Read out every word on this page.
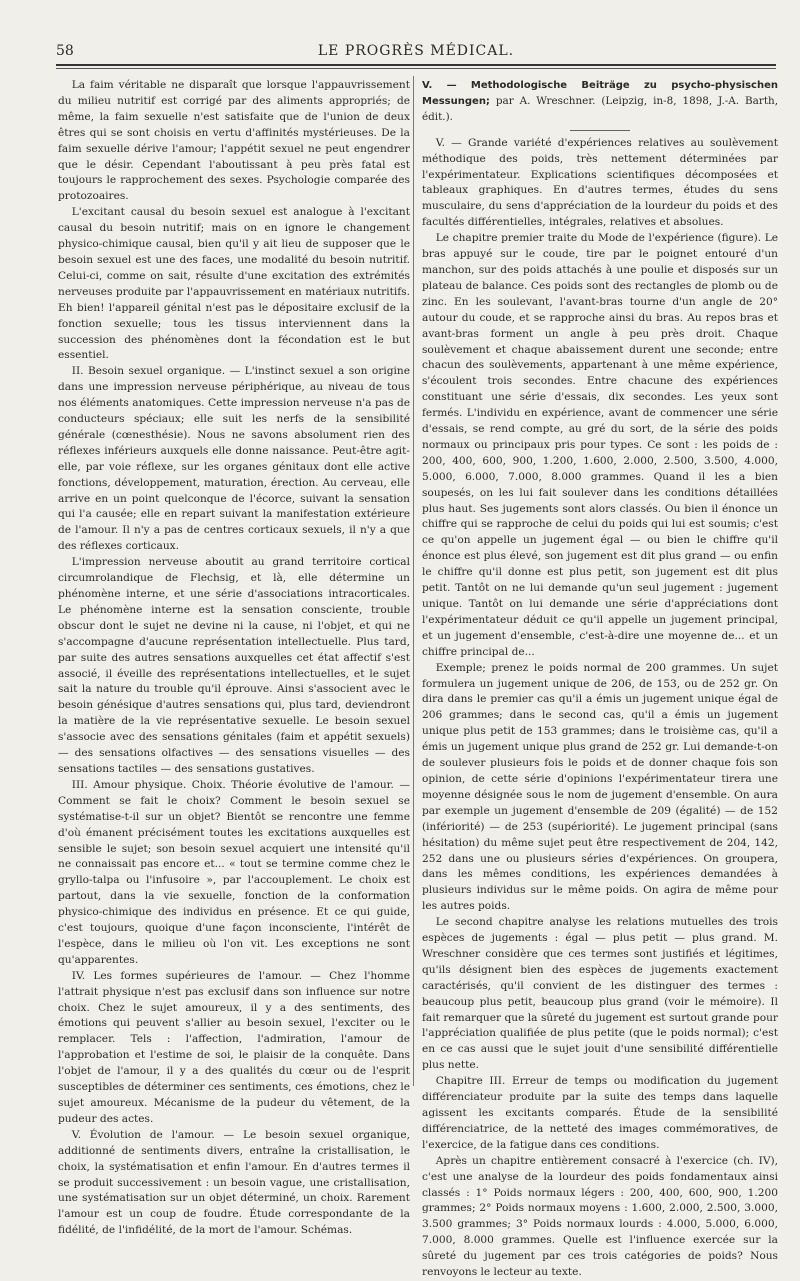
58	LE PROGRÈS MÉDICAL.

La faim véritable ne disparaît que lorsque l'appauvrissement du milieu nutritif est corrigé par des aliments appropriés; de même, la faim sexuelle n'est satisfaite que de l'union de deux êtres qui se sont choisis en vertu d'affinités mystérieuses. De la faim sexuelle dérive l'amour; l'appétit sexuel ne peut engendrer que le désir. Cependant l'aboutissant à peu près fatal est toujours le rapprochement des sexes. Psychologie comparée des protozoaires.

L'excitant causal du besoin sexuel est analogue à l'excitant causal du besoin nutritif; mais on en ignore le changement physico-chimique causal, bien qu'il y ait lieu de supposer que le besoin sexuel est une des faces, une modalité du besoin nutritif. Celui-ci, comme on sait, résulte d'une excitation des extrémités nerveuses produite par l'appauvrissement en matériaux nutritifs. Eh bien! l'appareil génital n'est pas le dépositaire exclusif de la fonction sexuelle; tous les tissus interviennent dans la succession des phénomènes dont la fécondation est le but essentiel.

II. Besoin sexuel organique. — L'instinct sexuel a son origine dans une impression nerveuse périphérique, au niveau de tous nos éléments anatomiques. Cette impression nerveuse n'a pas de conducteurs spéciaux; elle suit les nerfs de la sensibilité générale (cœnesthésie). Nous ne savons absolument rien des réflexes inférieurs auxquels elle donne naissance. Peut-être agit-elle, par voie réflexe, sur les organes génitaux dont elle active fonctions, développement, maturation, érection. Au cerveau, elle arrive en un point quelconque de l'écorce, suivant la sensation qui l'a causée; elle en repart suivant la manifestation extérieure de l'amour. Il n'y a pas de centres corticaux sexuels, il n'y a que des réflexes corticaux.

L'impression nerveuse aboutit au grand territoire cortical circumrolandique de Flechsig, et là, elle détermine un phénomène interne, et une série d'associations intracorticales. Le phénomène interne est la sensation consciente, trouble obscur dont le sujet ne devine ni la cause, ni l'objet, et qui ne s'accompagne d'aucune représentation intellectuelle. Plus tard, par suite des autres sensations auxquelles cet état affectif s'est associé, il éveille des représentations intellectuelles, et le sujet sait la nature du trouble qu'il éprouve. Ainsi s'associent avec le besoin génésique d'autres sensations qui, plus tard, deviendront la matière de la vie représentative sexuelle. Le besoin sexuel s'associe avec des sensations génitales (faim et appétit sexuels) — des sensations olfactives — des sensations visuelles — des sensations tactiles — des sensations gustatives.

III. Amour physique. Choix. Théorie évolutive de l'amour. — Comment se fait le choix? Comment le besoin sexuel se systématise-t-il sur un objet? Bientôt se rencontre une femme d'où émanent précisément toutes les excitations auxquelles est sensible le sujet; son besoin sexuel acquiert une intensité qu'il ne connaissait pas encore et... « tout se termine comme chez le gryllo-talpa ou l'infusoire », par l'accouplement. Le choix est partout, dans la vie sexuelle, fonction de la conformation physico-chimique des individus en présence. Et ce qui guide, c'est toujours, quoique d'une façon inconsciente, l'intérêt de l'espèce, dans le milieu où l'on vit. Les exceptions ne sont qu'apparentes.

IV. Les formes supérieures de l'amour. — Chez l'homme l'attrait physique n'est pas exclusif dans son influence sur notre choix. Chez le sujet amoureux, il y a des sentiments, des émotions qui peuvent s'allier au besoin sexuel, l'exciter ou le remplacer. Tels : l'affection, l'admiration, l'amour de l'approbation et l'estime de soi, le plaisir de la conquête. Dans l'objet de l'amour, il y a des qualités du cœur ou de l'esprit susceptibles de déterminer ces sentiments, ces émotions, chez le sujet amoureux. Mécanisme de la pudeur du vêtement, de la pudeur des actes.

V. Évolution de l'amour. — Le besoin sexuel organique, additionné de sentiments divers, entraîne la cristallisation, le choix, la systématisation et enfin l'amour. En d'autres termes il se produit successivement : un besoin vague, une cristallisation, une systématisation sur un objet déterminé, un choix. Rarement l'amour est un coup de foudre. Étude correspondante de la fidélité, de l'infidélité, de la mort de l'amour. Schémas.

V. — Methodologische Beiträge zu psycho-physischen Messungen; par A. Wreschner. (Leipzig, in-8, 1898, J.-A. Barth, édit.).

V. — Grande variété d'expériences relatives au soulèvement méthodique des poids, très nettement déterminées par l'expérimentateur. Explications scientifiques décomposées et tableaux graphiques. En d'autres termes, études du sens musculaire, du sens d'appréciation de la lourdeur du poids et des facultés différentielles, intégrales, relatives et absolues.

Le chapitre premier traite du Mode de l'expérience (figure). Le bras appuyé sur le coude, tire par le poignet entouré d'un manchon, sur des poids attachés à une poulie et disposés sur un plateau de balance. Ces poids sont des rectangles de plomb ou de zinc. En les soulevant, l'avant-bras tourne d'un angle de 20° autour du coude, et se rapproche ainsi du bras. Au repos bras et avant-bras forment un angle à peu près droit. Chaque soulèvement et chaque abaissement durent une seconde; entre chacun des soulèvements, appartenant à une même expérience, s'écoulent trois secondes. Entre chacune des expériences constituant une série d'essais, dix secondes. Les yeux sont fermés. L'individu en expérience, avant de commencer une série d'essais, se rend compte, au gré du sort, de la série des poids normaux ou principaux pris pour types. Ce sont : les poids de : 200, 400, 600, 900, 1.200, 1.600, 2.000, 2.500, 3.500, 4.000, 5.000, 6.000, 7.000, 8.000 grammes. Quand il les a bien soupesés, on les lui fait soulever dans les conditions détaillées plus haut. Ses jugements sont alors classés. Ou bien il énonce un chiffre qui se rapproche de celui du poids qui lui est soumis; c'est ce qu'on appelle un jugement égal — ou bien le chiffre qu'il énonce est plus élevé, son jugement est dit plus grand — ou enfin le chiffre qu'il donne est plus petit, son jugement est dit plus petit. Tantôt on ne lui demande qu'un seul jugement : jugement unique. Tantôt on lui demande une série d'appréciations dont l'expérimentateur déduit ce qu'il appelle un jugement principal, et un jugement d'ensemble, c'est-à-dire une moyenne de... et un chiffre principal de...

Exemple; prenez le poids normal de 200 grammes. Un sujet formulera un jugement unique de 206, de 153, ou de 252 gr. On dira dans le premier cas qu'il a émis un jugement unique égal de 206 grammes; dans le second cas, qu'il a émis un jugement unique plus petit de 153 grammes; dans le troisième cas, qu'il a émis un jugement unique plus grand de 252 gr. Lui demande-t-on de soulever plusieurs fois le poids et de donner chaque fois son opinion, de cette série d'opinions l'expérimentateur tirera une moyenne désignée sous le nom de jugement d'ensemble. On aura par exemple un jugement d'ensemble de 209 (égalité) — de 152 (infériorité) — de 253 (supériorité). Le jugement principal (sans hésitation) du même sujet peut être respectivement de 204, 142, 252 dans une ou plusieurs séries d'expériences. On groupera, dans les mêmes conditions, les expériences demandées à plusieurs individus sur le même poids. On agira de même pour les autres poids.

Le second chapitre analyse les relations mutuelles des trois espèces de jugements : égal — plus petit — plus grand. M. Wreschner considère que ces termes sont justifiés et légitimes, qu'ils désignent bien des espèces de jugements exactement caractérisés, qu'il convient de les distinguer des termes : beaucoup plus petit, beaucoup plus grand (voir le mémoire). Il fait remarquer que la sûreté du jugement est surtout grande pour l'appréciation qualifiée de plus petite (que le poids normal); c'est en ce cas aussi que le sujet jouit d'une sensibilité différentielle plus nette.

Chapitre III. Erreur de temps ou modification du jugement différenciateur produite par la suite des temps dans laquelle agissent les excitants comparés. Étude de la sensibilité différenciatrice, de la netteté des images commémoratives, de l'exercice, de la fatigue dans ces conditions.

Après un chapitre entièrement consacré à l'exercice (ch. IV), c'est une analyse de la lourdeur des poids fondamentaux ainsi classés : 1° Poids normaux légers : 200, 400, 600, 900, 1.200 grammes; 2° Poids normaux moyens : 1.600, 2.000, 2.500, 3.000, 3.500 grammes; 3° Poids normaux lourds : 4.000, 5.000, 6.000, 7.000, 8.000 grammes. Quelle est l'influence exercée sur la sûreté du jugement par ces trois catégories de poids? Nous renvoyons le lecteur au texte.
